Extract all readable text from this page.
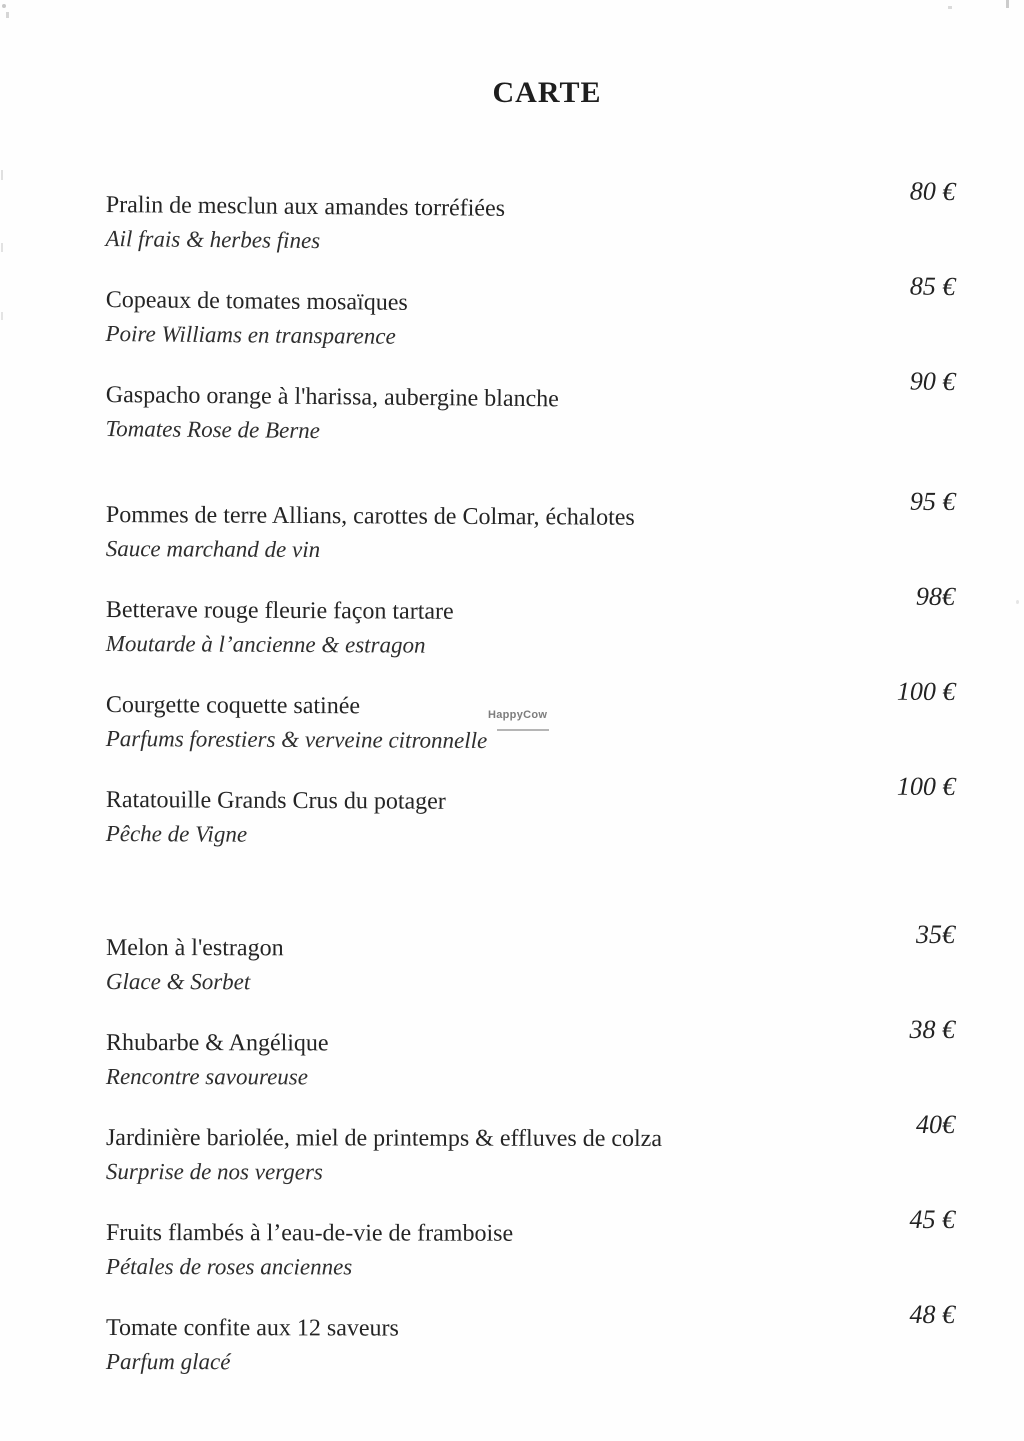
CARTE
Pralin de mesclun aux amandes torréfiées
Ail frais & herbes fines
80 €
Copeaux de tomates mosaïques
Poire Williams en transparence
85 €
Gaspacho orange à l'harissa, aubergine blanche
Tomates Rose de Berne
90 €
Pommes de terre Allians, carottes de Colmar, échalotes
Sauce marchand de vin
95 €
Betterave rouge fleurie façon tartare
Moutarde à l’ancienne & estragon
98€
Courgette coquette satinée
Parfums forestiers & verveine citronnelle
100 €
Ratatouille Grands Crus du potager
Pêche de Vigne
100 €
Melon à l'estragon
Glace & Sorbet
35€
Rhubarbe & Angélique
Rencontre savoureuse
38 €
Jardinière bariolée, miel de printemps & effluves de colza
Surprise de nos vergers
40€
Fruits flambés à l’eau-de-vie de framboise
Pétales de roses anciennes
45 €
Tomate confite aux 12 saveurs
Parfum glacé
48 €
HappyCow
